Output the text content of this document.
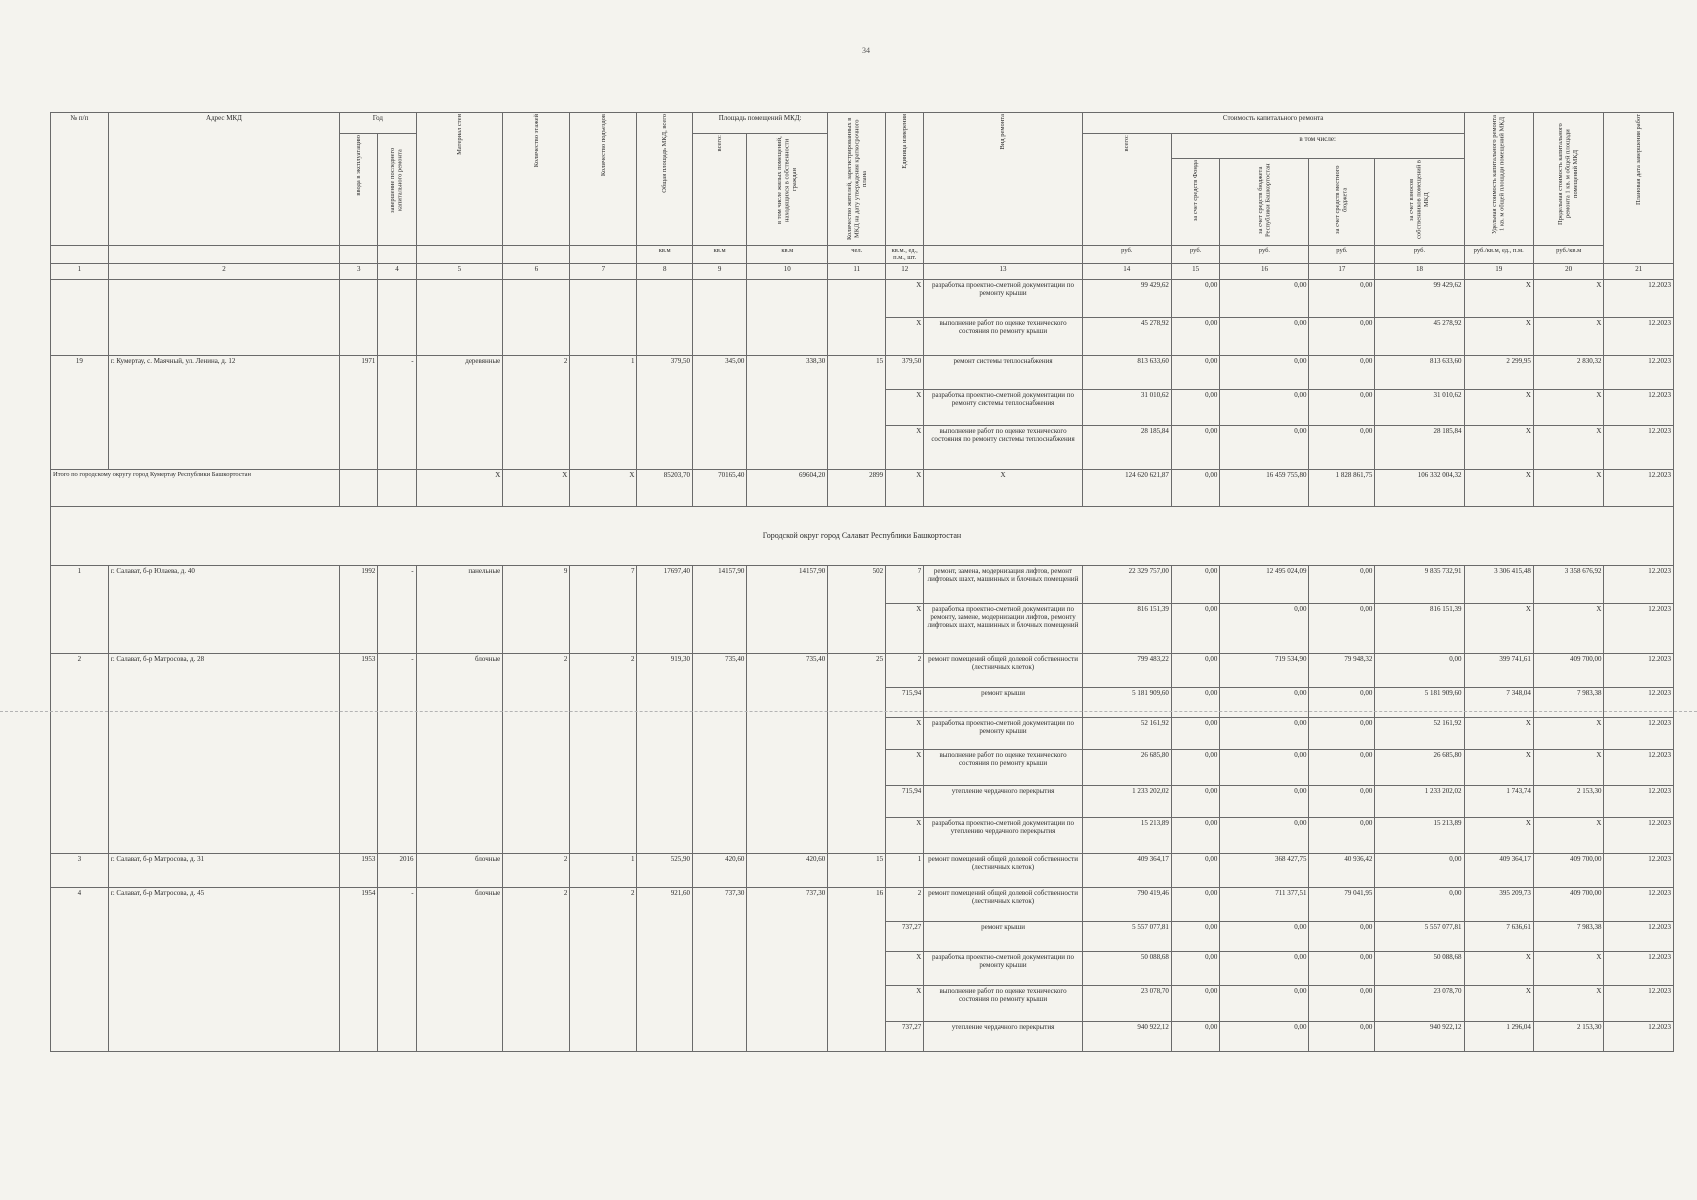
34
№ п/п	Адрес МКД	Год		Материал стен	Количество этажей	Количество подъездов	Общая площадь МКД, всего	Площадь помещений МКД:		Количество жителей, зарегистрированных в МКД на дату утверждения краткосрочного плана	Единица измерения	Вид ремонта	Стоимость капитального ремонта					Удельная стоимость капитального ремонта 1 кв. м общей площади помещений МКД	Предельная стоимость капитального ремонта 1 кв. м общей площади помещений МКД	Плановая дата завершения работ

		ввода в эксплуатацию	завершение последнего капитального ремонта					всего:	в том числе жилых помещений, находящихся в собственности граждан				всего:	в том числе:						

														за счет средств Фонда	за счет средств бюджета Республики Башкортостан	за счет средств местного бюджета	за счет взносов собственников помещений в МКД			

							кв.м	кв.м	кв.м	чел.	кв.м., ед., п.м., шт.		руб.	руб.	руб.	руб.	руб.	руб./кв.м, ед., п.м.	руб./кв.м	
1	2	3	4	5	6	7	8	9	10	11	12	13	14	15	16	17	18	19	20	21
											X	разработка проектно-сметной документации по ремонту крыши	99 429,62	0,00	0,00	0,00	99 429,62	X	X	12.2023
											X	выполнение работ по оценке технического состояния по ремонту крыши	45 278,92	0,00	0,00	0,00	45 278,92	X	X	12.2023
19	г. Кумертау, с. Маячный, ул. Ленина, д. 12	1971	-	деревянные	2	1	379,50	345,00	338,30	15	379,50	ремонт системы теплоснабжения	813 633,60	0,00	0,00	0,00	813 633,60	2 299,95	2 830,32	12.2023
											X	разработка проектно-сметной документации по ремонту системы теплоснабжения	31 010,62	0,00	0,00	0,00	31 010,62	X	X	12.2023
											X	выполнение работ по оценке технического состояния по ремонту системы теплоснабжения	28 185,84	0,00	0,00	0,00	28 185,84	X	X	12.2023
Итого по городскому округу город Кумертау Республики Башкортостан				X	X	X	85203,70	70165,40	69604,20	2899	X	X	124 620 621,87	0,00	16 459 755,80	1 828 861,75	106 332 004,32	X	X	12.2023
Городской округ город Салават Республики Башкортостан																				
1	г. Салават, б-р Юлаева, д. 40	1992	-	панельные	9	7	17697,40	14157,90	14157,90	502	7	ремонт, замена, модернизация лифтов, ремонт лифтовых шахт, машинных и блочных помещений	22 329 757,00	0,00	12 495 024,09	0,00	9 835 732,91	3 306 415,48	3 358 676,92	12.2023
											X	разработка проектно-сметной документации по ремонту, замене, модернизации лифтов, ремонту лифтовых шахт, машинных и блочных помещений	816 151,39	0,00	0,00	0,00	816 151,39	X	X	12.2023
2	г. Салават, б-р Матросова, д. 28	1953	-	блочные	2	2	919,30	735,40	735,40	25	2	ремонт помещений общей долевой собственности (лестничных клеток)	799 483,22	0,00	719 534,90	79 948,32	0,00	399 741,61	409 700,00	12.2023
											715,94	ремонт крыши	5 181 909,60	0,00	0,00	0,00	5 181 909,60	7 348,04	7 983,38	12.2023
											X	разработка проектно-сметной документации по ремонту крыши	52 161,92	0,00	0,00	0,00	52 161,92	X	X	12.2023
											X	выполнение работ по оценке технического состояния по ремонту крыши	26 685,80	0,00	0,00	0,00	26 685,80	X	X	12.2023
											715,94	утепление чердачного перекрытия	1 233 202,02	0,00	0,00	0,00	1 233 202,02	1 743,74	2 153,30	12.2023
											X	разработка проектно-сметной документации по утеплению чердачного перекрытия	15 213,89	0,00	0,00	0,00	15 213,89	X	X	12.2023
3	г. Салават, б-р Матросова, д. 31	1953	2016	блочные	2	1	525,90	420,60	420,60	15	1	ремонт помещений общей долевой собственности (лестничных клеток)	409 364,17	0,00	368 427,75	40 936,42	0,00	409 364,17	409 700,00	12.2023
4	г. Салават, б-р Матросова, д. 45	1954	-	блочные	2	2	921,60	737,30	737,30	16	2	ремонт помещений общей долевой собственности (лестничных клеток)	790 419,46	0,00	711 377,51	79 041,95	0,00	395 209,73	409 700,00	12.2023
											737,27	ремонт крыши	5 557 077,81	0,00	0,00	0,00	5 557 077,81	7 636,61	7 983,38	12.2023
											X	разработка проектно-сметной документации по ремонту крыши	50 088,68	0,00	0,00	0,00	50 088,68	X	X	12.2023
											X	выполнение работ по оценке технического состояния по ремонту крыши	23 078,70	0,00	0,00	0,00	23 078,70	X	X	12.2023
											737,27	утепление чердачного перекрытия	940 922,12	0,00	0,00	0,00	940 922,12	1 296,04	2 153,30	12.2023
